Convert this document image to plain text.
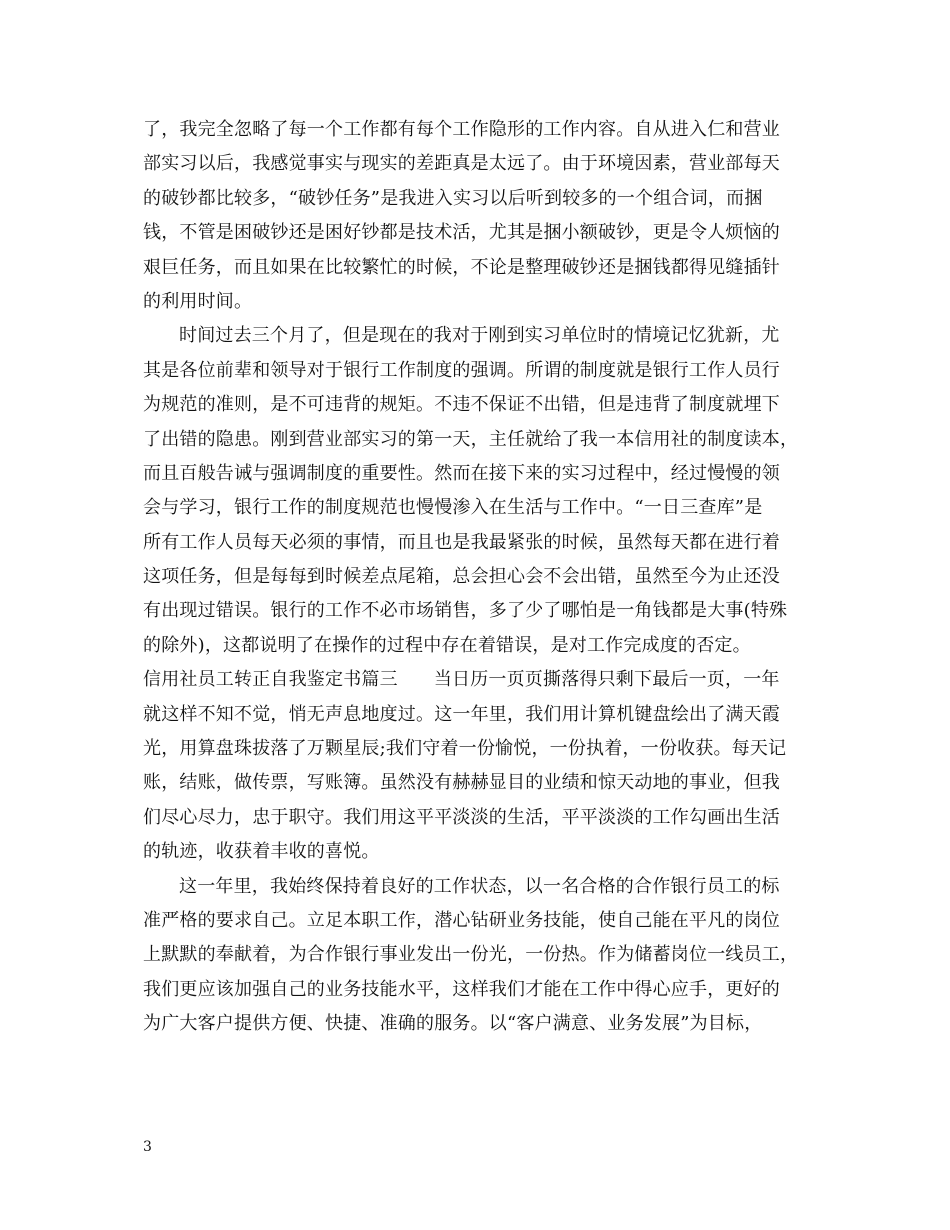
了，我完全忽略了每一个工作都有每个工作隐形的工作内容。自从进入仁和营业
部实习以后，我感觉事实与现实的差距真是太远了。由于环境因素，营业部每天
的破钞都比较多，“破钞任务”是我进入实习以后听到较多的一个组合词，而捆
钱，不管是困破钞还是困好钞都是技术活，尤其是捆小额破钞，更是令人烦恼的
艰巨任务，而且如果在比较繁忙的时候，不论是整理破钞还是捆钱都得见缝插针
的利用时间。
时间过去三个月了，但是现在的我对于刚到实习单位时的情境记忆犹新，尤
其是各位前辈和领导对于银行工作制度的强调。所谓的制度就是银行工作人员行
为规范的准则，是不可违背的规矩。不违不保证不出错，但是违背了制度就埋下
了出错的隐患。刚到营业部实习的第一天，主任就给了我一本信用社的制度读本，
而且百般告诫与强调制度的重要性。然而在接下来的实习过程中，经过慢慢的领
会与学习，银行工作的制度规范也慢慢渗入在生活与工作中。“一日三查库”是
所有工作人员每天必须的事情，而且也是我最紧张的时候，虽然每天都在进行着
这项任务，但是每每到时候差点尾箱，总会担心会不会出错，虽然至今为止还没
有出现过错误。银行的工作不必市场销售，多了少了哪怕是一角钱都是大事(特殊
的除外)，这都说明了在操作的过程中存在着错误，是对工作完成度的否定。
信用社员工转正自我鉴定书篇三 当日历一页页撕落得只剩下最后一页，一年
就这样不知不觉，悄无声息地度过。这一年里，我们用计算机键盘绘出了满天霞
光，用算盘珠拔落了万颗星辰;我们守着一份愉悦，一份执着，一份收获。每天记
账，结账，做传票，写账簿。虽然没有赫赫显目的业绩和惊天动地的事业，但我
们尽心尽力，忠于职守。我们用这平平淡淡的生活，平平淡淡的工作勾画出生活
的轨迹，收获着丰收的喜悦。
这一年里，我始终保持着良好的工作状态，以一名合格的合作银行员工的标
准严格的要求自己。立足本职工作，潜心钻研业务技能，使自己能在平凡的岗位
上默默的奉献着，为合作银行事业发出一份光，一份热。作为储蓄岗位一线员工，
我们更应该加强自己的业务技能水平，这样我们才能在工作中得心应手，更好的
为广大客户提供方便、快捷、准确的服务。以“客户满意、业务发展”为目标，
3
